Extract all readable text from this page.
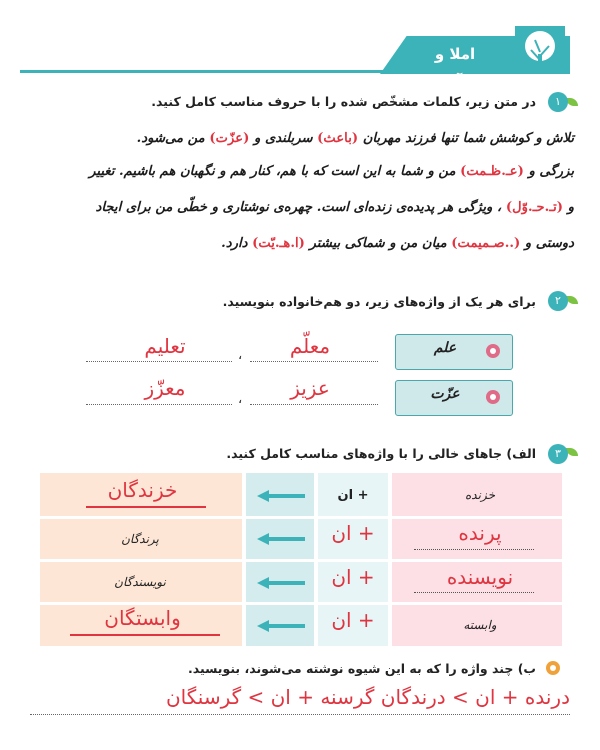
املا و واژه‌آموزی
۱
در متن زیر، کلمات مشخّص شده را با حروف مناسب کامل کنید.
تلاش و کوشش شما تنها فرزند مهربان (باعث) سربلندی و (عزّت) من می‌شود.
بزرگی و (عـ.ظـمت) من و شما به این است که با هم، کنار هم و نگهبان هم باشیم. تغییر
و (تـ.حـ.وّل) ، ویژگی هر پدیده‌ی زنده‌ای است. چهره‌ی نوشتاری و خطّی من برای ایجاد
دوستی و (..صـمیمت) میان من و شماکی بیشتر (ا.هـ.یّت) دارد.
۲
برای هر یک از واژه‌های زیر، دو هم‌خانواده بنویسید.
علم
معلّم
،
تعلیم
عزّت
عزیز
،
معزّز
۳
الف) جاهای خالی را با واژه‌های مناسب کامل کنید.
خزنده
+ ان
خزندگان
پرنده
+ ان
پرندگان
نویسنده
+ ان
نویسندگان
وابسته
+ ان
وابستگان
ب) چند واژه را که به این شیوه نوشته می‌شوند، بنویسید.
درنده + ان > درندگان گرسنه + ان > گرسنگان
